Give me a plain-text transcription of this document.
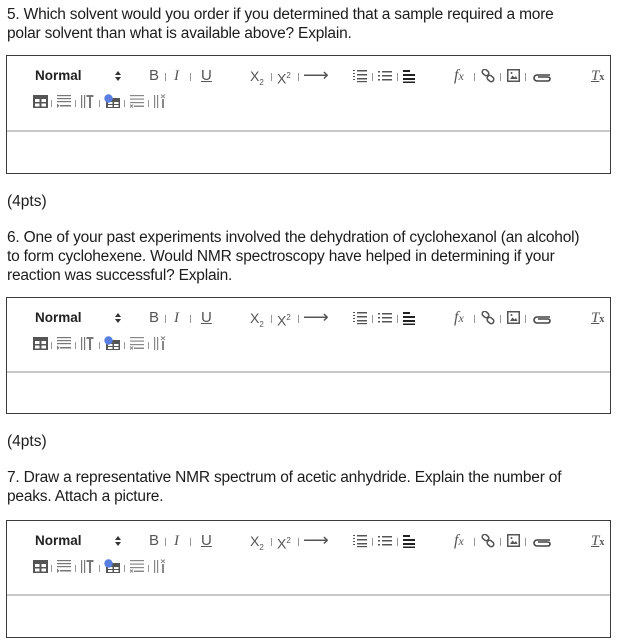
5. Which solvent would you order if you determined that a sample required a more
polar solvent than what is available above? Explain.
Normal	B I U	$X_2$ $X^2$ ⟶	fx	Tx
(4pts)
6. One of your past experiments involved the dehydration of cyclohexanol (an alcohol)
to form cyclohexene. Would NMR spectroscopy have helped in determining if your
reaction was successful? Explain.
Normal	B I U	$X_2$ $X^2$ ⟶	fx	Tx
(4pts)
7. Draw a representative NMR spectrum of acetic anhydride. Explain the number of
peaks. Attach a picture.
Normal	B I U	$X_2$ $X^2$ ⟶	fx	Tx
